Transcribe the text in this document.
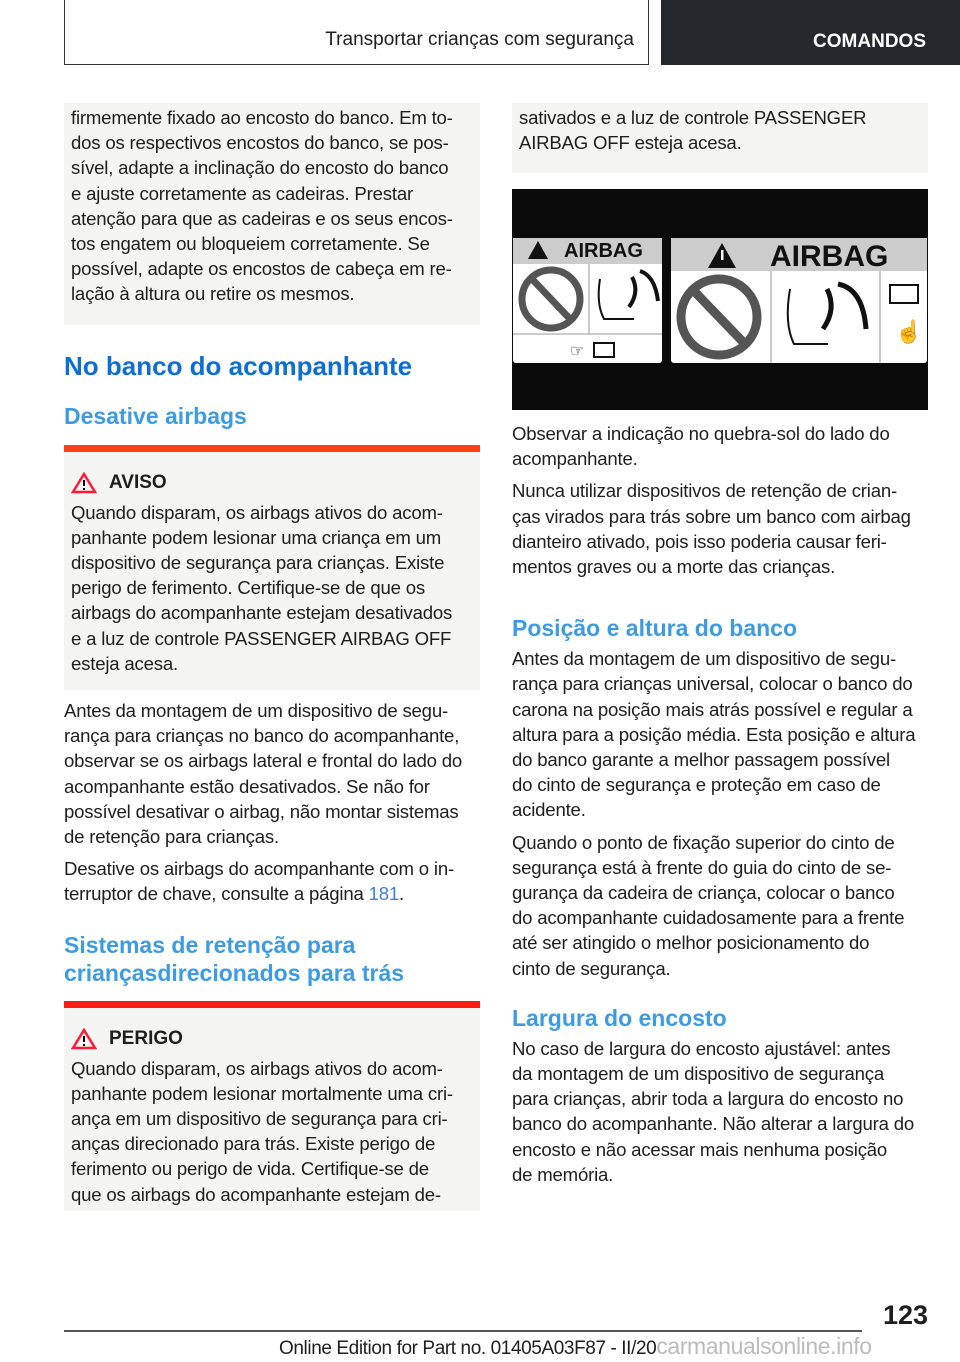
Transportar crianças com segurança	COMANDOS
firmemente fixado ao encosto do banco. Em to-
dos os respectivos encostos do banco, se pos-
sível, adapte a inclinação do encosto do banco
e ajuste corretamente as cadeiras. Prestar
atenção para que as cadeiras e os seus encos-
tos engatem ou bloqueiem corretamente. Se
possível, adapte os encostos de cabeça em re-
lação à altura ou retire os mesmos.
No banco do acompanhante
Desative airbags
AVISO
Quando disparam, os airbags ativos do acom-
panhante podem lesionar uma criança em um
dispositivo de segurança para crianças. Existe
perigo de ferimento. Certifique-se de que os
airbags do acompanhante estejam desativados
e a luz de controle PASSENGER AIRBAG OFF
esteja acesa.
Antes da montagem de um dispositivo de segu-
rança para crianças no banco do acompanhante,
observar se os airbags lateral e frontal do lado do
acompanhante estão desativados. Se não for
possível desativar o airbag, não montar sistemas
de retenção para crianças.
Desative os airbags do acompanhante com o in-
terruptor de chave, consulte a página 181.
Sistemas de retenção para criançasdirecionados para trás
PERIGO
Quando disparam, os airbags ativos do acom-
panhante podem lesionar mortalmente uma cri-
ança em um dispositivo de segurança para cri-
anças direcionado para trás. Existe perigo de
ferimento ou perigo de vida. Certifique-se de
que os airbags do acompanhante estejam de-
sativados e a luz de controle PASSENGER
AIRBAG OFF esteja acesa.
AIRBAG
☞
AIRBAG
☝
Observar a indicação no quebra-sol do lado do
acompanhante.
Nunca utilizar dispositivos de retenção de crian-
ças virados para trás sobre um banco com airbag
dianteiro ativado, pois isso poderia causar feri-
mentos graves ou a morte das crianças.
Posição e altura do banco
Antes da montagem de um dispositivo de segu-
rança para crianças universal, colocar o banco do
carona na posição mais atrás possível e regular a
altura para a posição média. Esta posição e altura
do banco garante a melhor passagem possível
do cinto de segurança e proteção em caso de
acidente.
Quando o ponto de fixação superior do cinto de
segurança está à frente do guia do cinto de se-
gurança da cadeira de criança, colocar o banco
do acompanhante cuidadosamente para a frente
até ser atingido o melhor posicionamento do
cinto de segurança.
Largura do encosto
No caso de largura do encosto ajustável: antes
da montagem de um dispositivo de segurança
para crianças, abrir toda a largura do encosto no
banco do acompanhante. Não alterar a largura do
encosto e não acessar mais nenhuma posição
de memória.
123
Online Edition for Part no. 01405A03F87 - II/20carmanualsonline.info
